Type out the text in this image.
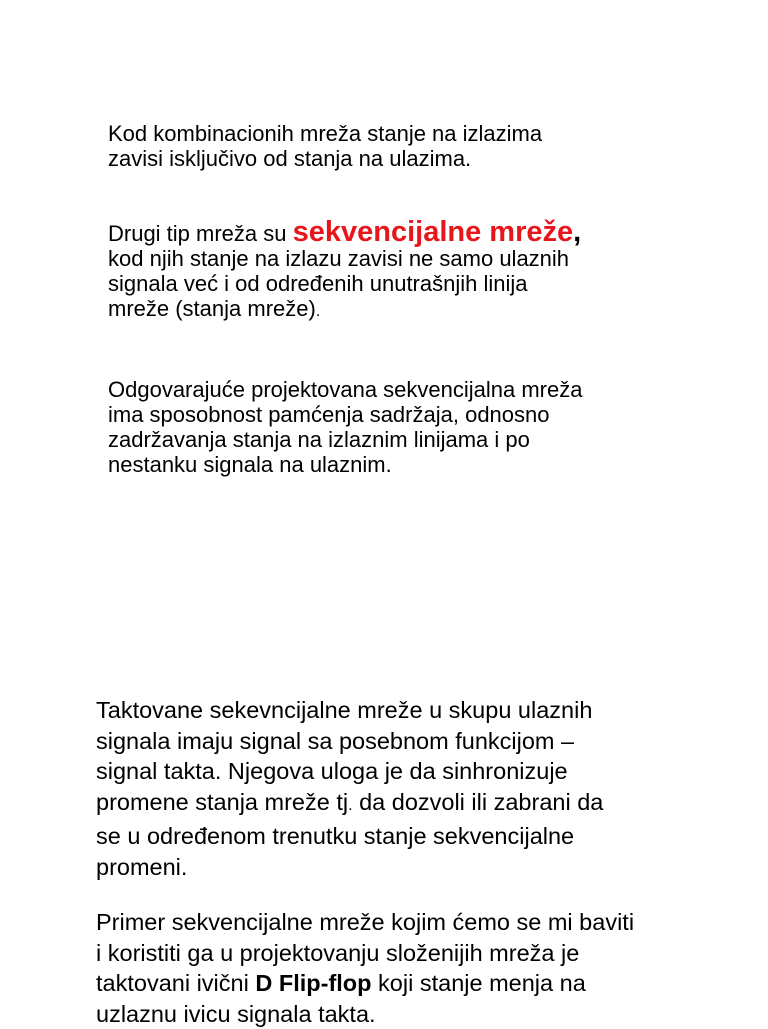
Kod kombinacionih mreža stanje na izlazima
zavisi isključivo od stanja na ulazima.
Drugi tip mreža su sekvencijalne mreže,
kod njih stanje na izlazu zavisi ne samo ulaznih
signala već i od određenih unutrašnjih linija
mreže (stanja mreže).
Odgovarajuće projektovana sekvencijalna mreža
ima sposobnost pamćenja sadržaja, odnosno
zadržavanja stanja na izlaznim linijama i po
nestanku signala na ulaznim.
Taktovane sekevncijalne mreže u skupu ulaznih
signala imaju signal sa posebnom funkcijom –
signal takta. Njegova uloga je da sinhronizuje
promene stanja mreže tj. da dozvoli ili zabrani da
se u određenom trenutku stanje sekvencijalne
promeni.
Primer sekvencijalne mreže kojim ćemo se mi baviti
i koristiti ga u projektovanju složenijih mreža je
taktovani ivični D Flip-flop koji stanje menja na
uzlaznu ivicu signala takta.
